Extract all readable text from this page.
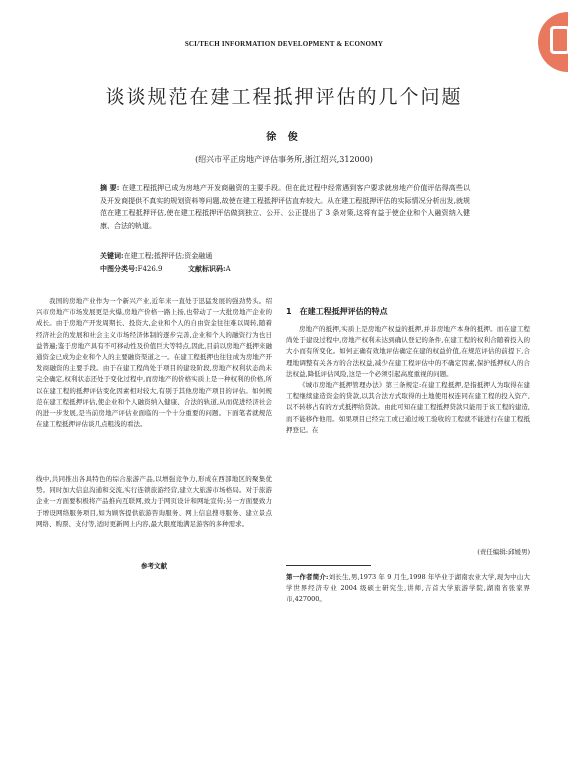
SCI/TECH INFORMATION DEVELOPMENT & ECONOMY
谈谈规范在建工程抵押评估的几个问题
徐 俊
(绍兴市平正房地产评估事务所,浙江绍兴,312000)
摘 要: 在建工程抵押已成为房地产开发商融资的主要手段。但在此过程中经常遇到客户要求就房地产价值评估得高些以及开发商提供不真实的规划资料等问题,故使在建工程抵押评估直弃较大。从在建工程抵押评估的实际情况分析出发,就规范在建工程抵押评估,使在建工程抵押评估做到独立、公开、公正提出了 3 条对策,这将有益于使企业和个人融资纳入健康、合法的轨道。
关键词:在建工程;抵押评估;资金融通
中图分类号:F426.9	文献标识码:A

我国的房地产业作为一个新兴产业,近年来一直处于迅猛发展的强劲势头。绍兴市房地产市场发展更是火爆,房地产价格一路上扬,也带动了一大批房地产企业的成长。由于房地产开发周期长、投资大,企业和个人的自由资金往往难以周转,随着经济社会的发展和社会主义市场经济体制的逐步完善,企业和个人的融资行为也日益普遍;鉴于房地产具有不可移动性及价值巨大等特点,因此,目前以房地产抵押来融通资金已成为企业和个人的主要融资渠道之一。在建工程抵押也往往成为房地产开发商融资的主要手段。由于在建工程尚处于项目的建设阶段,房地产权利状态尚未完全确定,权利状态还处于变化过程中,而房地产的价格实质上是一种权利的价格,所以在建工程的抵押评估变化因素相对较大,有别于其他房地产项目的评估。如何规范在建工程抵押评估,使企业和个人融资纳入健康、合法的轨道,从而促进经济社会的进一步发展,是当前房地产评估业面临的一个十分重要的问题。下面笔者就规范在建工程抵押评估谈几点粗浅的看法。

线中,共同推出各具特色的综合旅游产品,以增强竞争力,形成在西部地区的聚集优势。同时加大信息沟通和交流,实行连锁旅游经营,建立大旅游市场格局。对于旅游企业一方面要积极将产品推向互联网,致力于网页设计和网址宣传;另一方面要致力于增设网络服务项目,如为顾客提供旅游咨询服务、网上信息搜寻服务、建立景点网络、购票、支付等,适时更新网上内容,最大限度地满足游客的多种需求。

参考文献
1 在建工程抵押评估的特点

房地产的抵押,实质上是房地产权益的抵押,并非房地产本身的抵押。而在建工程尚处于建设过程中,房地产权利未达到确认登记的条件,在建工程的权利合随着投入的大小而有所变化。如何正确有效地评估确定在建的权益价值,在规范评估的前提下,合理地调整有关各方的合法权益,减少在建工程评估中的不确定因素,保护抵押权人的合法权益,降低评估风险,这是一个必须引起高度重视的问题。

《城市房地产抵押管理办法》第三条规定:在建工程抵押,是指抵押人为取得在建工程继续建造资金的贷款,以其合法方式取得的土地使用权连同在建工程的投入资产,以不转移占有的方式抵押给贷款。由此可知在建工程抵押贷款只能用于该工程的建造,而不能移作他用。如果项目已经完工或已通过竣工验收的工程就不能进行在建工程抵押登记。在

(责任编辑:邱媛男)
第一作者简介:刘长生,男,1973 年 9 月生,1998 年毕业于湖南农业大学,现为中山大学世界经济专业 2004 级硕士研究生,讲师,吉首大学旅游学院,湖南省张家界市,427000。
